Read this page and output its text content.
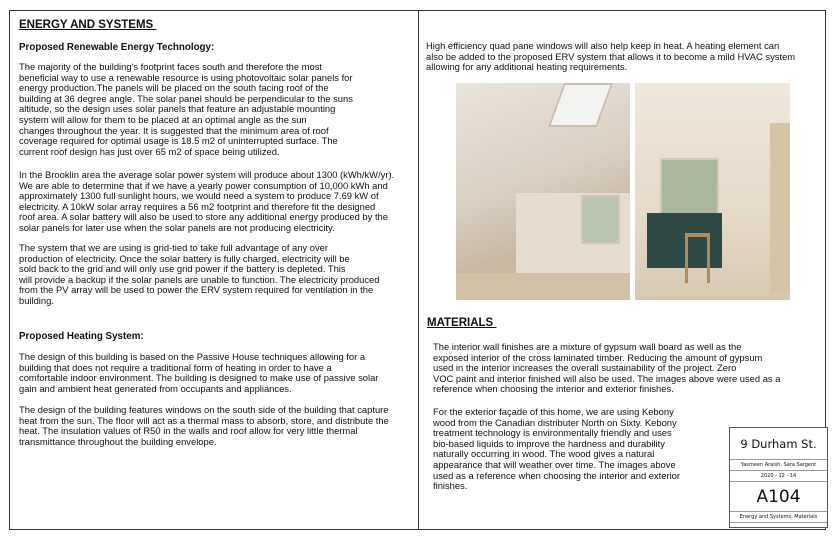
ENERGY AND SYSTEMS
Proposed Renewable Energy Technology:
The majority of the building's footprint faces south and therefore the most
beneficial way to use a renewable resource is using photovoltaic solar panels for
energy production.The panels will be placed on the south facing roof of the
building at 36 degree angle. The solar panel should be perpendicular to the suns
altitude, so the design uses solar panels that feature an adjustable mounting
system will allow for them to be placed at an optimal angle as the sun
changes throughout the year. It is suggested that the minimum area of roof
coverage required for optimal usage is 18.5 m2 of uninterrupted surface. The
current roof design has just over 65 m2 of space being utilized.
In the Brooklin area the average solar power system will produce about 1300 (kWh/kW/yr).
We are able to determine that if we have a yearly power consumption of 10,000 kWh and
approximately 1300 full sunlight hours, we would need a system to produce 7.69 kW of
electricity. A 10kW solar array requires a 56 m2 footprint and therefore fit the designed
roof area. A solar battery will also be used to store any additional energy produced by the
solar panels for later use when the solar panels are not producing electricity.
The system that we are using is grid-tied to take full advantage of any over
production of electricity. Once the solar battery is fully charged, electricity will be
sold back to the grid and will only use grid power if the battery is depleted. This
will provide a backup if the solar panels are unable to function. The electricity produced
from the PV array will be used to power the ERV system required for ventilation in the
building.
Proposed Heating System:
The design of this building is based on the Passive House techniques allowing for a
building that does not require a traditional form of heating in order to have a
comfortable indoor environment. The building is designed to make use of passive solar
gain and ambient heat generated from occupants and appliances.
The design of the building features windows on the south side of the building that capture
heat from the sun. The floor will act as a thermal mass to absorb, store, and distribute the
heat. The insulation values of R50 in the walls and roof allow for very little thermal
transmittance throughout the building envelope.
High efficiency quad pane windows will also help keep in heat. A heating element can
also be added to the proposed ERV system that allows it to become a mild HVAC system
allowing for any additional heating requirements.
MATERIALS
The interior wall finishes are a mixture of gypsum wall board as well as the
exposed interior of the cross laminated timber. Reducing the amount of gypsum
used in the interior increases the overall sustainability of the project. Zero
VOC paint and interior finished will also be used. The images above were used as a
reference when choosing the interior and exterior finishes.
For the exterior façade of this home, we are using Kebony
wood from the Canadian distributer North on Sixty. Kebony
treatment technology is environmentally friendly and uses
bio-based liquids to improve the hardness and durability
naturally occurring in wood. The wood gives a natural
appearance that will weather over time. The images above
used as a reference when choosing the interior and exterior
finishes.
9 Durham St.
Yasmeen Araish, Sara Sargent
2020 - 12 - 14
A104
Energy and Systems, Materials
